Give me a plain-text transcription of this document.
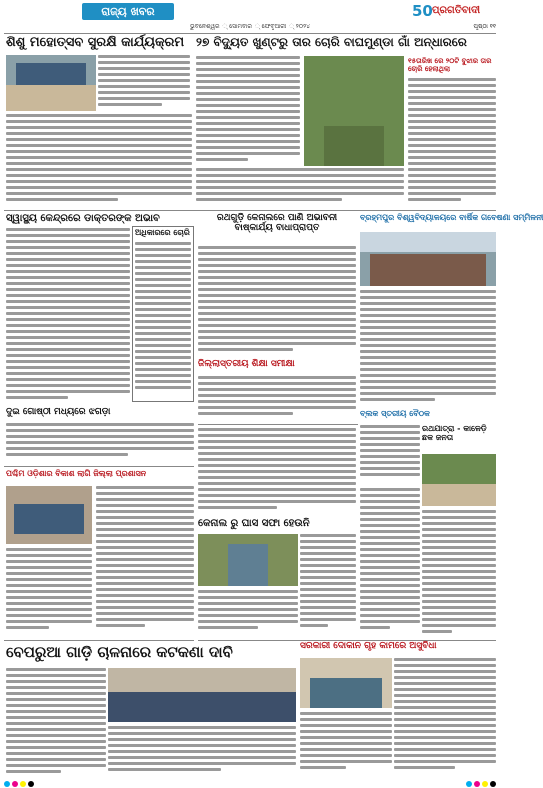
ରାଜ୍ୟ ଖବର	50 ପ୍ରଗତିବାଦୀ
ଭୁବନେଶ୍ୱର ୍‌ ସୋମବାର ୍‌ ଫେବୃଆରୀ ୍‌ ୨୦୨୪	ପୃଷ୍ଠା ୧୧
ଶିଶୁ ମହୋତ୍ସବ ସୁରକ୍ଷି କାର୍ଯ୍ୟକ୍ରମ ୨୭ ବିଦ୍ୟୁତ ଖୁଣ୍ଟରୁ ତାର ଚୋରି ବାଘମୁଣ୍ଡା ଗାଁ ଅନ୍ଧାରରେ
୧୫ତାରିଖ ରେ ୨୦ଟି ବୁଝାର ତାର ଚୋରି ହେଲାଥିଲା
ସ୍ୱାସ୍ଥ୍ୟ କେନ୍ଦ୍ରରେ ଡାକ୍ତରଙ୍କ ଅଭାବ
ଅଧିକାରରେ ଚୋରି
ରଥଗୁଡ଼ି କେନାଲରେ ପାଣି ଅଭାବନୀ ବାଷ୍କାର୍ଯ୍ୟ ବାଧାପ୍ରାପ୍ତ
ବ୍ରହ୍ମପୁର ବିଶ୍ୱବିଦ୍ୟାଳୟରେ ବାର୍ଷିକ ଗବେଷଣା ସମ୍ମିଳନୀ
ଜିଲ୍ଲାସ୍ତରୀୟ ଶିକ୍ଷା ସମୀକ୍ଷା
ଦୁଇ ଗୋଷ୍ଠୀ ମଧ୍ୟରେ ଝଗଡ଼ା	ବ୍ଲକ ସ୍ତରୀୟ ବୈଠକ
ରଥଯାତ୍ରା - କାଳେଡ଼ି ଛକ ଜନତା
ପଶ୍ଚିମ ଓଡ଼ିଶାର ବିକାଶ ଲାଗି ଜିଲ୍ଲା ପ୍ରଶାସନ
କେନାଲ ରୁ ଘାସ ସଫା ହେଉନି
ସରକାରୀ ଦୋକାନ ଗୃହ କାମରେ ଅସୁବିଧା
ବେପରୁଆ ଗାଡ଼ି ଚାଳନାରେ କଟକଣା ଦାବି
